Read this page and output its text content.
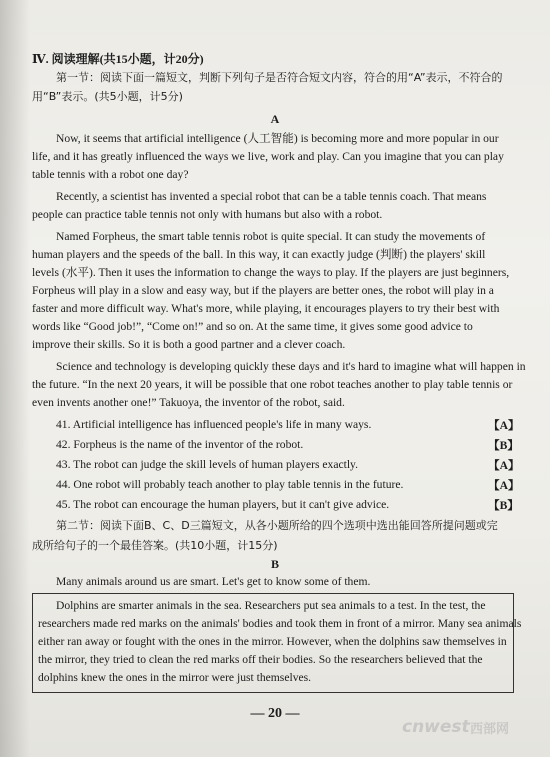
Ⅳ. 阅读理解(共15小题，计20分)
第一节：阅读下面一篇短文，判断下列句子是否符合短文内容，符合的用“A”表示，不符合的
用“B”表示。(共5小题，计5分)
A
Now, it seems that artificial intelligence (人工智能) is becoming more and more popular in our
life, and it has greatly influenced the ways we live, work and play. Can you imagine that you can play
table tennis with a robot one day?
Recently, a scientist has invented a special robot that can be a table tennis coach. That means
people can practice table tennis not only with humans but also with a robot.
Named Forpheus, the smart table tennis robot is quite special. It can study the movements of
human players and the speeds of the ball. In this way, it can exactly judge (判断) the players' skill
levels (水平). Then it uses the information to change the ways to play. If the players are just beginners,
Forpheus will play in a slow and easy way, but if the players are better ones, the robot will play in a
faster and more difficult way. What's more, while playing, it encourages players to try their best with
words like “Good job!”, “Come on!” and so on. At the same time, it gives some good advice to
improve their skills. So it is both a good partner and a clever coach.
Science and technology is developing quickly these days and it's hard to imagine what will happen in
the future. “In the next 20 years, it will be possible that one robot teaches another to play table tennis or
even invents another one!” Takuoya, the inventor of the robot, said.
41. Artificial intelligence has influenced people's life in many ways.	【A】
42. Forpheus is the name of the inventor of the robot.	【B】
43. The robot can judge the skill levels of human players exactly.	【A】
44. One robot will probably teach another to play table tennis in the future.	【A】
45. The robot can encourage the human players, but it can't give advice.	【B】
第二节：阅读下面B、C、D三篇短文，从各小题所给的四个选项中选出能回答所提问题或完
成所给句子的一个最佳答案。(共10小题，计15分)
B
Many animals around us are smart. Let's get to know some of them.
Dolphins are smarter animals in the sea. Researchers put sea animals to a test. In the test, the
researchers made red marks on the animals' bodies and took them in front of a mirror. Many sea animals
either ran away or fought with the ones in the mirror. However, when the dolphins saw themselves in
the mirror, they tried to clean the red marks off their bodies. So the researchers believed that the
dolphins knew the ones in the mirror were just themselves.
— 20 —
cnwest 西部网
